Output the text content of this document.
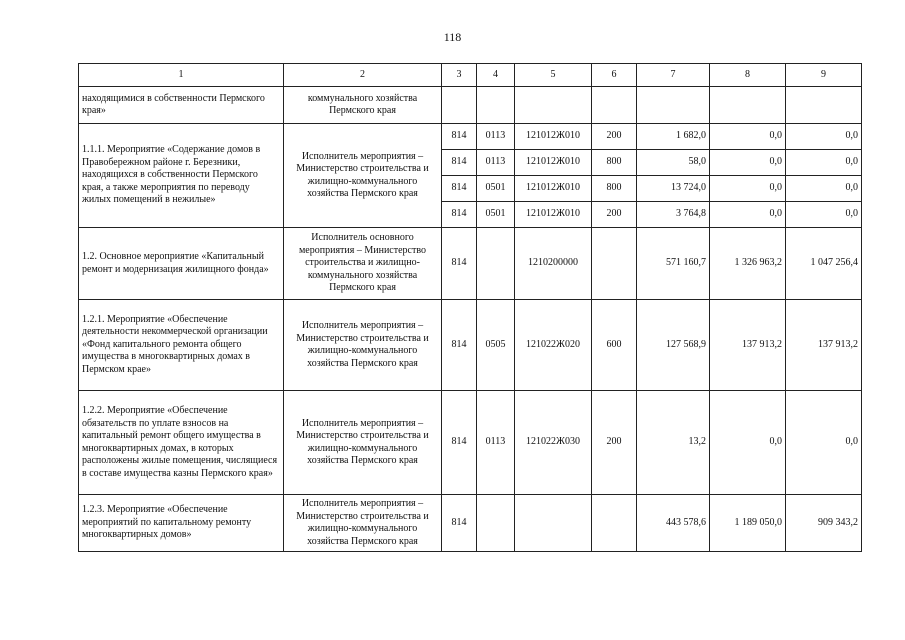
118
1	2	3	4	5	6	7	8	9
находящимися в собственности Пермского края»	коммунального хозяйства Пермского края							
1.1.1. Мероприятие «Содержание домов в Правобережном районе г. Березники, находящихся в собственности Пермского края, а также мероприятия по переводу жилых помещений в нежилые»	Исполнитель мероприятия – Министерство строительства и жилищно-коммунального хозяйства Пермского края	814	0113	121012Ж010	200	1 682,0	0,0	0,0
		814	0113	121012Ж010	800	58,0	0,0	0,0
		814	0501	121012Ж010	800	13 724,0	0,0	0,0
		814	0501	121012Ж010	200	3 764,8	0,0	0,0
1.2. Основное мероприятие «Капитальный ремонт и модернизация жилищного фонда»	Исполнитель основного мероприятия – Министерство строительства и жилищно-коммунального хозяйства Пермского края	814		1210200000		571 160,7	1 326 963,2	1 047 256,4
1.2.1. Мероприятие «Обеспечение деятельности некоммерческой организации «Фонд капитального ремонта общего имущества в многоквартирных домах в Пермском крае»	Исполнитель мероприятия – Министерство строительства и жилищно-коммунального хозяйства Пермского края	814	0505	121022Ж020	600	127 568,9	137 913,2	137 913,2
1.2.2. Мероприятие «Обеспечение обязательств по уплате взносов на капитальный ремонт общего имущества в многоквартирных домах, в которых расположены жилые помещения, числящиеся в составе имущества казны Пермского края»	Исполнитель мероприятия – Министерство строительства и жилищно-коммунального хозяйства Пермского края	814	0113	121022Ж030	200	13,2	0,0	0,0
1.2.3. Мероприятие «Обеспечение мероприятий по капитальному ремонту многоквартирных домов»	Исполнитель мероприятия – Министерство строительства и жилищно-коммунального хозяйства Пермского края	814				443 578,6	1 189 050,0	909 343,2
